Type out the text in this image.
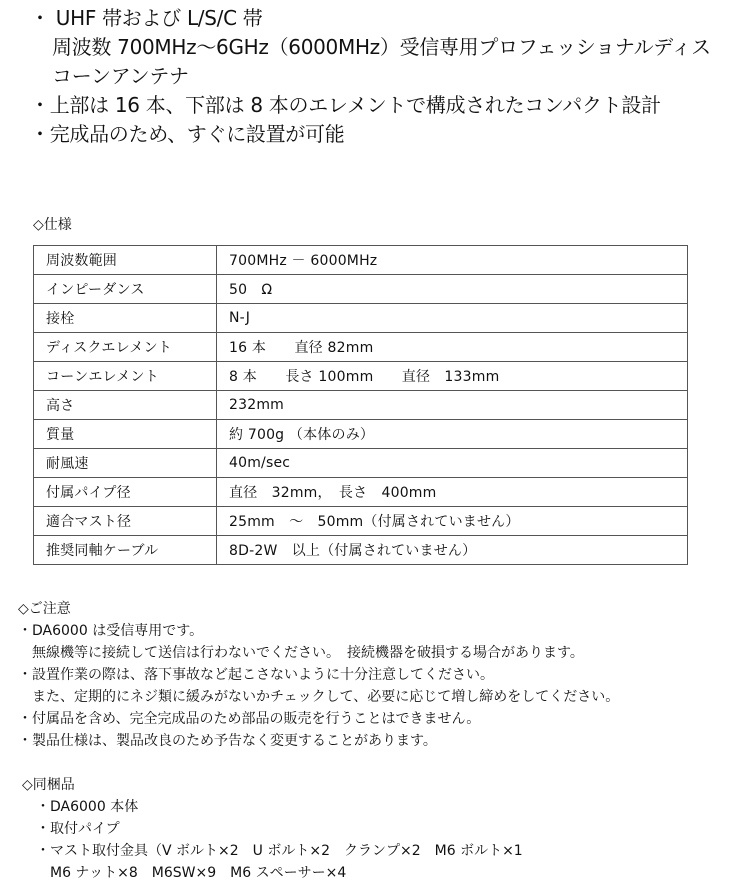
・ UHF 帯および L/S/C 帯
周波数 700MHz～6GHz（6000MHz）受信専用プロフェッショナルディス
コーンアンテナ
・上部は 16 本、下部は 8 本のエレメントで構成されたコンパクト設計
・完成品のため、すぐに設置が可能
◇仕様
周波数範囲	700MHz － 6000MHz
インピーダンス	50　Ω
接栓	N-J
ディスクエレメント	16 本　　直径 82mm
コーンエレメント	8 本　　長さ 100mm　　直径　133mm
高さ	232mm
質量	約 700g （本体のみ）
耐風速	40m/sec
付属パイプ径	直径　32mm，　長さ　400mm
適合マスト径	25mm　～　50mm（付属されていません）
推奨同軸ケーブル	8D-2W　以上（付属されていません）
◇ご注意
・DA6000 は受信専用です。
　無線機等に接続して送信は行わないでください。　接続機器を破損する場合があります。
・設置作業の際は、落下事故など起こさないように十分注意してください。
　また、定期的にネジ類に緩みがないかチェックして、必要に応じて増し締めをしてください。
・付属品を含め、完全完成品のため部品の販売を行うことはできません。
・製品仕様は、製品改良のため予告なく変更することがあります。
◇同梱品
　・DA6000 本体
　・取付パイプ
　・マスト取付金具（V ボルト×2　U ボルト×2　クランプ×2　M6 ボルト×1
　　M6 ナット×8　M6SW×9　M6 スペーサー×4
